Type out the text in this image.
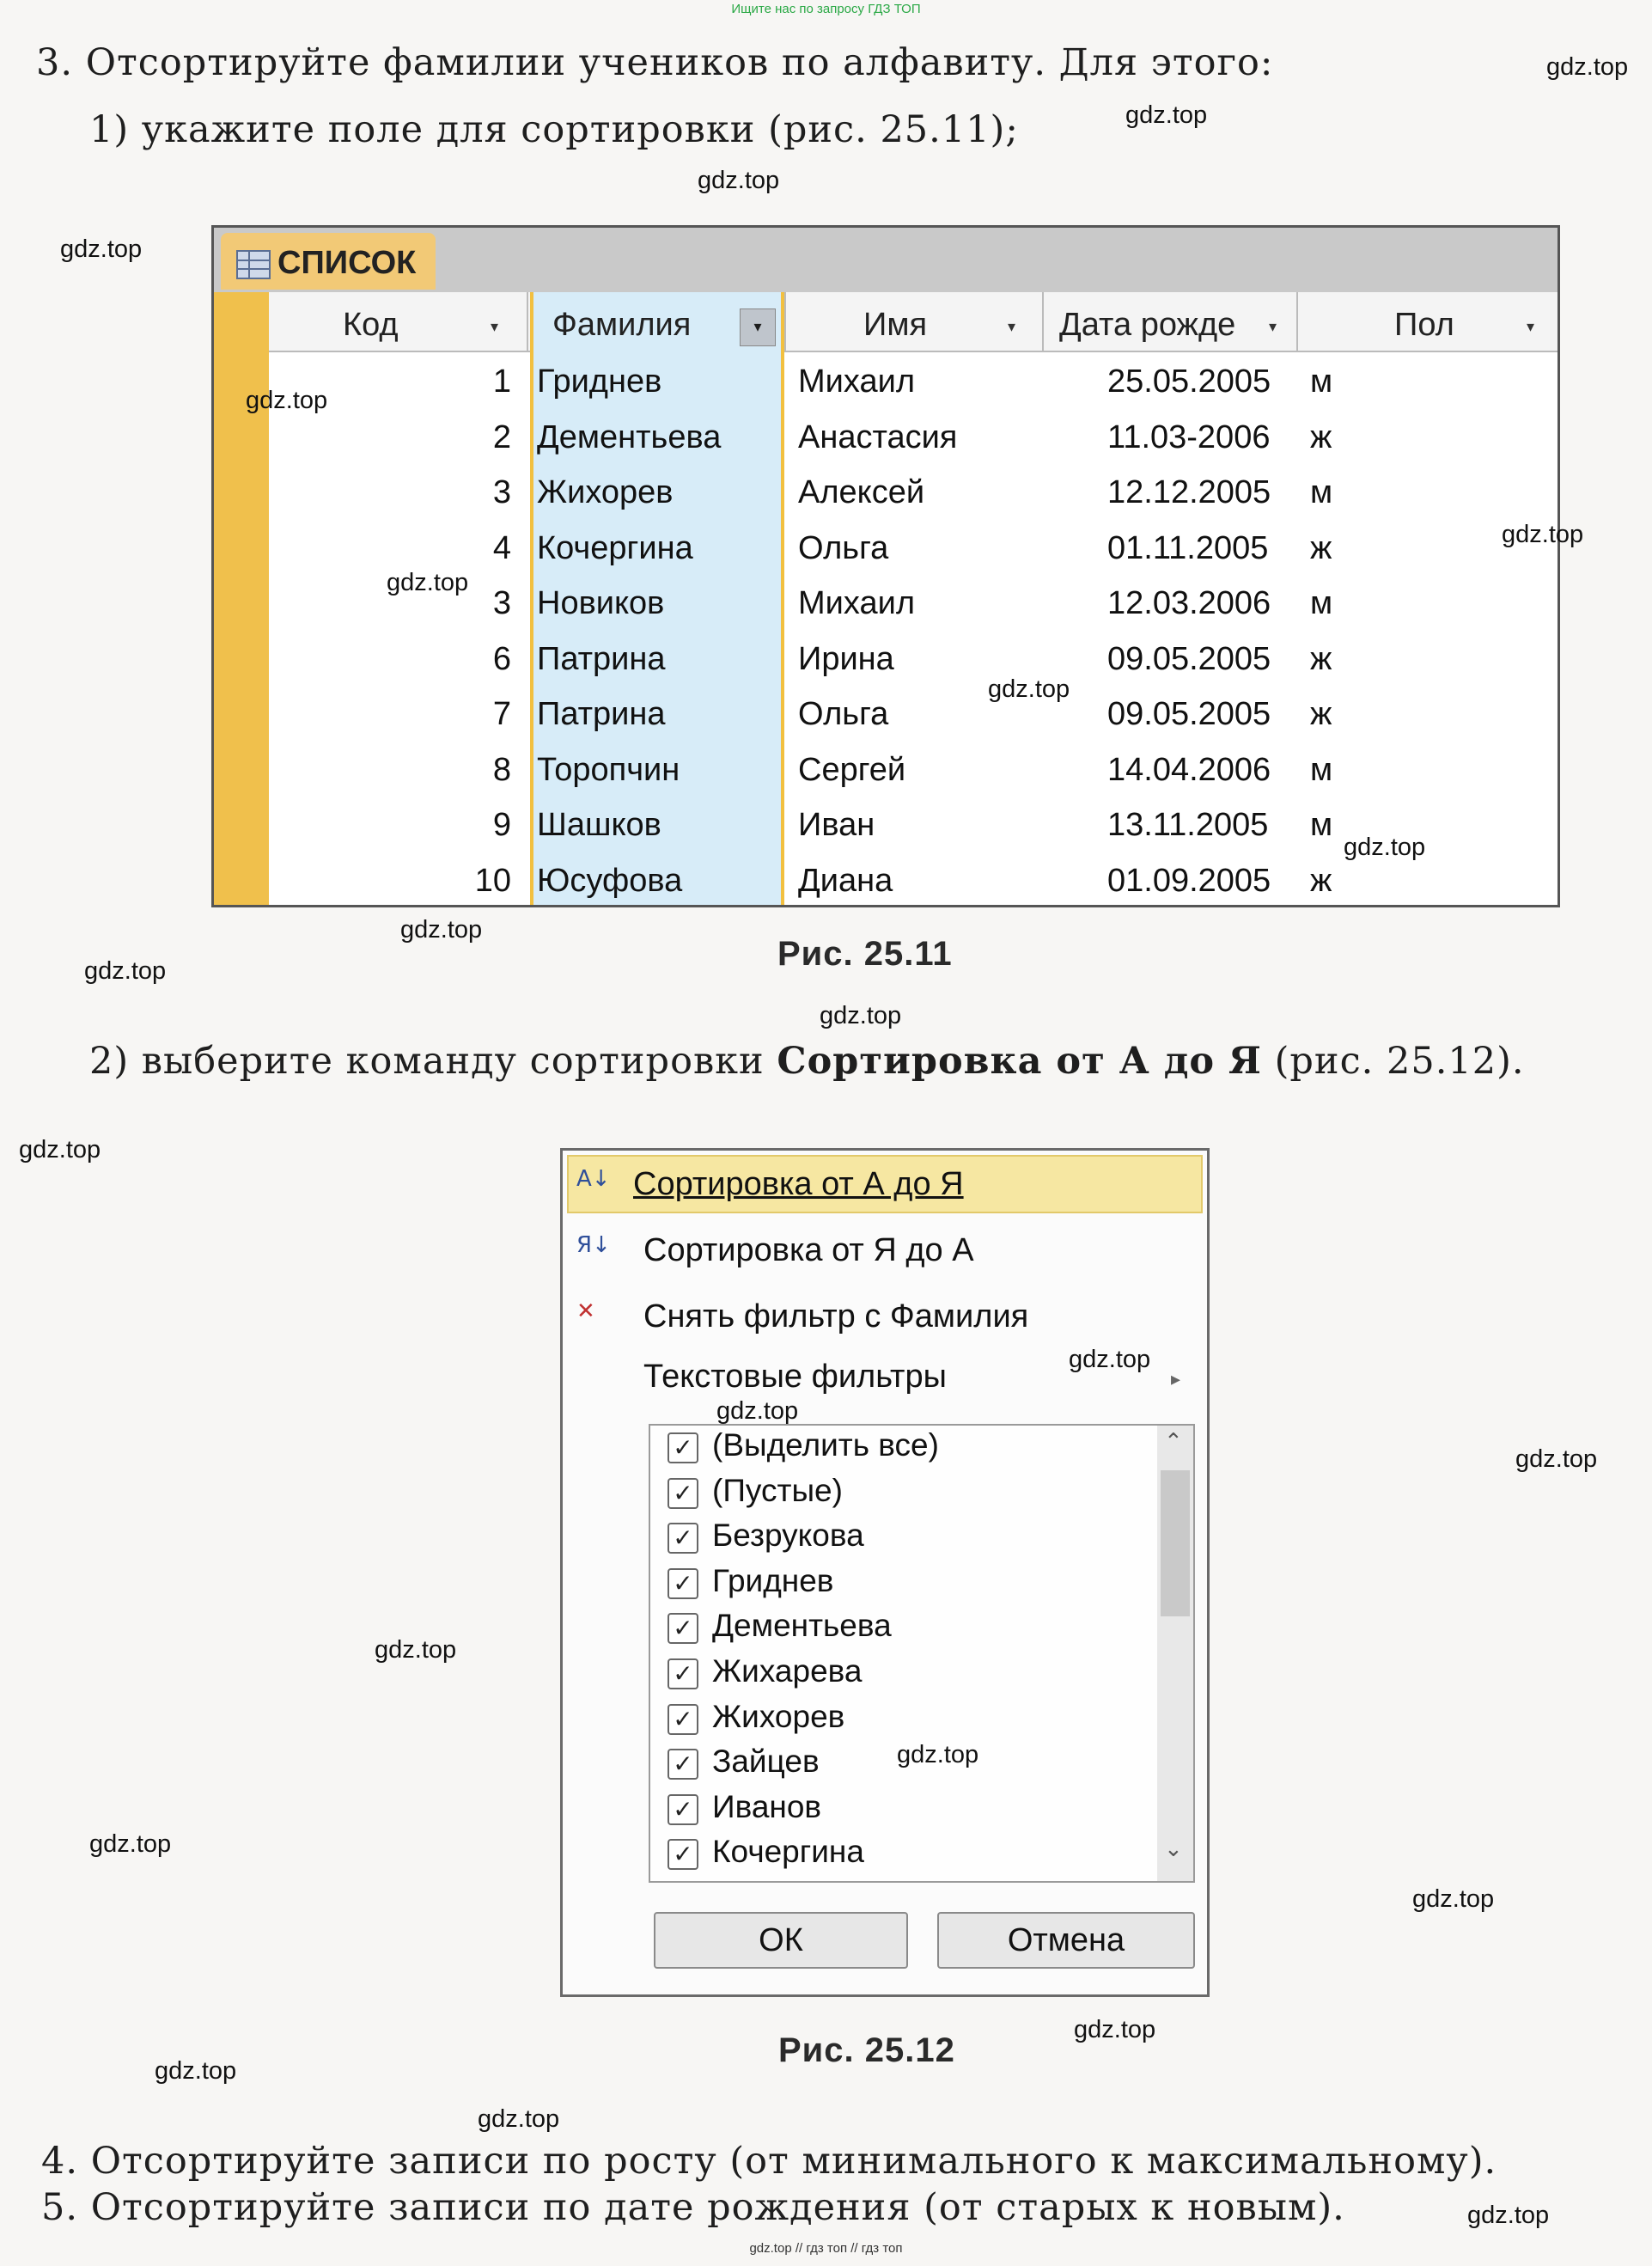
Ищите нас по запросу ГДЗ ТОП
3. Отсортируйте фамилии учеников по алфавиту. Для этого:
1) укажите поле для сортировки (рис. 25.11);
СПИСОК
Код	▾ Фамилия	▾	Имя	▾ Дата рожде ▾	Пол	▾
1 Гриднев	Михаил	25.05.2005 м
2 Дементьева Анастасия	11.03-2006 ж
3 Жихорев	Алексей	12.12.2005 м
4 Кочергина	Ольга	01.11.2005 ж
3 Новиков	Михаил	12.03.2006 м
6 Патрина	Ирина	09.05.2005 ж
7 Патрина	Ольга	09.05.2005 ж
8 Торопчин	Сергей	14.04.2006 м
9 Шашков	Иван	13.11.2005 м
10 Юсуфова	Диана	01.09.2005 ж
Рис. 25.11
2) выберите команду сортировки Сортировка от А до Я (рис. 25.12).
A↓ Сортировка от А до Я
Я↓ Сортировка от Я до А
✕ Снять фильтр с Фамилия
Текстовые фильтры	▸
✓ (Выделить все)
✓ (Пустые)
✓ Безрукова
✓ Гриднев
✓ Дементьева
✓ Жихарева
✓ Жихорев
✓ Зайцев
✓ Иванов
✓ Кочергина
⌃
⌄
ОК	Отмена
Рис. 25.12
4. Отсортируйте записи по росту (от минимального к максимальному).
5. Отсортируйте записи по дате рождения (от старых к новым).
gdz.top
gdz.top
gdz.top
gdz.top
gdz.top
gdz.top
gdz.top
gdz.top
gdz.top
gdz.top
gdz.top
gdz.top
gdz.top
gdz.top
gdz.top
gdz.top
gdz.top
gdz.top
gdz.top
gdz.top
gdz.top
gdz.top
gdz.top
gdz.top
gdz.top // гдз топ // гдз топ
